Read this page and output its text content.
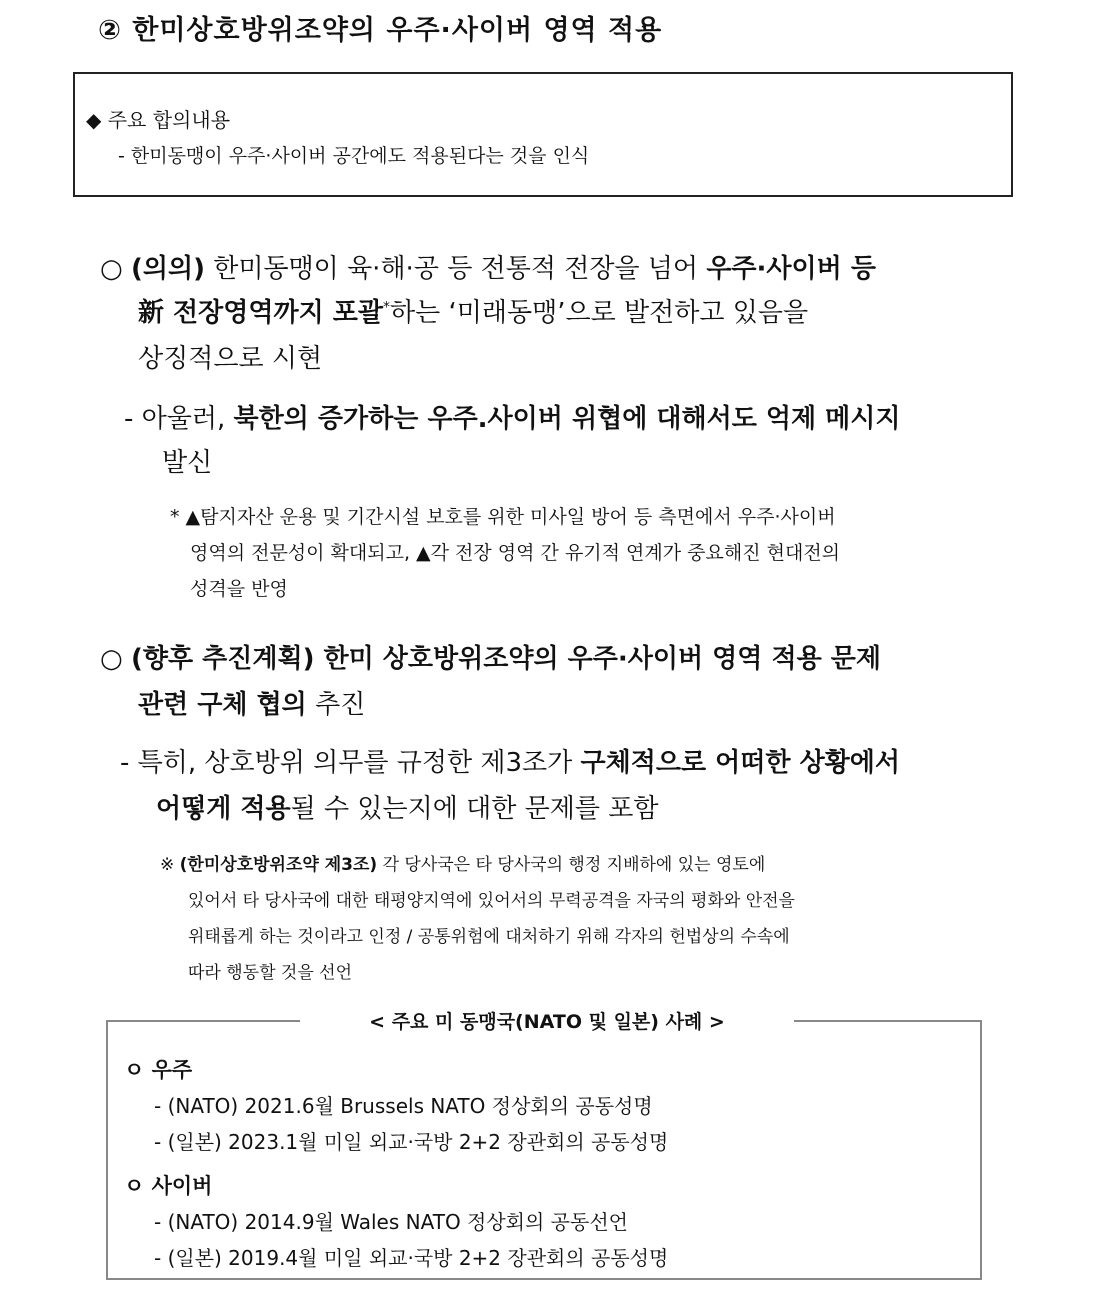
② 한미상호방위조약의 우주·사이버 영역 적용
◆ 주요 합의내용
- 한미동맹이 우주·사이버 공간에도 적용된다는 것을 인식
○ (의의) 한미동맹이 육·해·공 등 전통적 전장을 넘어 우주·사이버 등
新 전장영역까지 포괄*하는 ‘미래동맹’으로 발전하고 있음을
상징적으로 시현
- 아울러, 북한의 증가하는 우주.사이버 위협에 대해서도 억제 메시지
발신
* ▲탐지자산 운용 및 기간시설 보호를 위한 미사일 방어 등 측면에서 우주·사이버
영역의 전문성이 확대되고, ▲각 전장 영역 간 유기적 연계가 중요해진 현대전의
성격을 반영
○ (향후 추진계획) 한미 상호방위조약의 우주·사이버 영역 적용 문제
관련 구체 협의 추진
- 특히, 상호방위 의무를 규정한 제3조가 구체적으로 어떠한 상황에서
어떻게 적용될 수 있는지에 대한 문제를 포함
※ (한미상호방위조약 제3조) 각 당사국은 타 당사국의 행정 지배하에 있는 영토에
있어서 타 당사국에 대한 태평양지역에 있어서의 무력공격을 자국의 평화와 안전을
위태롭게 하는 것이라고 인정 / 공통위험에 대처하기 위해 각자의 헌법상의 수속에
따라 행동할 것을 선언
< 주요 미 동맹국(NATO 및 일본) 사례 >
ㅇ 우주
- (NATO) 2021.6월 Brussels NATO 정상회의 공동성명
- (일본) 2023.1월 미일 외교·국방 2+2 장관회의 공동성명
ㅇ 사이버
- (NATO) 2014.9월 Wales NATO 정상회의 공동선언
- (일본) 2019.4월 미일 외교·국방 2+2 장관회의 공동성명
